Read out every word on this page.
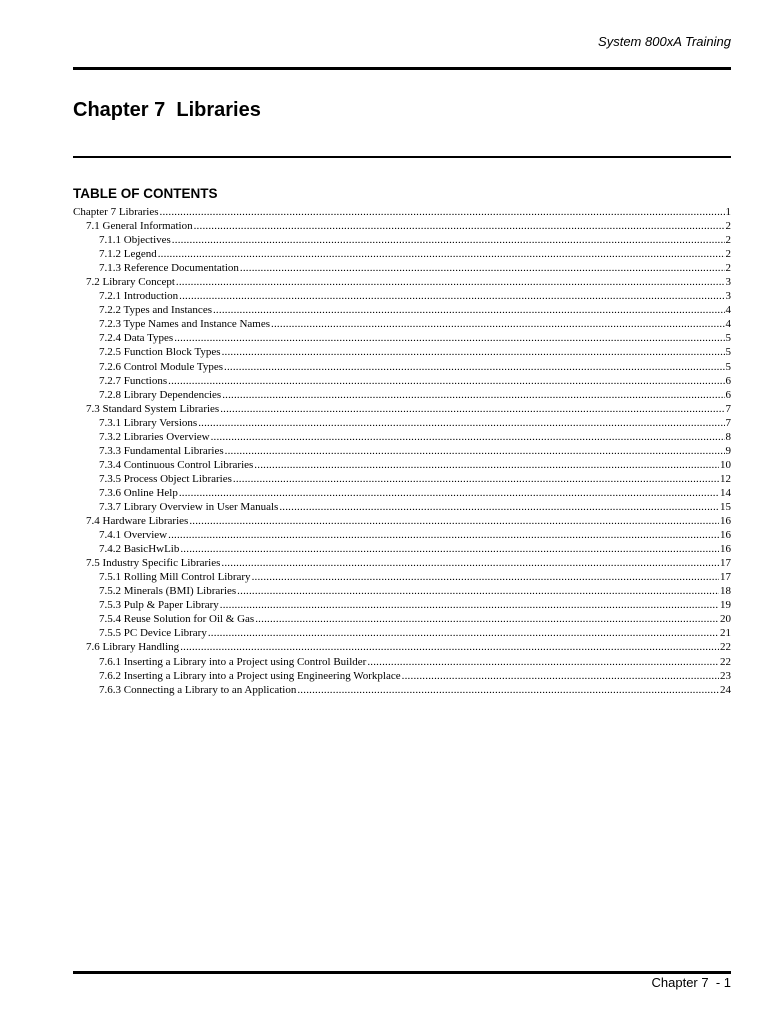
System 800xA Training
Chapter 7  Libraries
TABLE OF CONTENTS
Chapter 7 Libraries .....	1
7.1 General Information .....	2
7.1.1 Objectives .....	2
7.1.2 Legend .....	2
7.1.3 Reference Documentation .....	2
7.2 Library Concept .....	3
7.2.1 Introduction .....	3
7.2.2 Types and Instances .....	4
7.2.3 Type Names and Instance Names .....	4
7.2.4 Data Types .....	5
7.2.5 Function Block Types .....	5
7.2.6 Control Module Types .....	5
7.2.7 Functions .....	6
7.2.8 Library Dependencies .....	6
7.3 Standard System Libraries .....	7
7.3.1 Library Versions .....	7
7.3.2 Libraries Overview .....	8
7.3.3 Fundamental Libraries .....	9
7.3.4 Continuous Control Libraries .....	10
7.3.5 Process Object Libraries .....	12
7.3.6 Online Help .....	14
7.3.7 Library Overview in User Manuals .....	15
7.4 Hardware Libraries .....	16
7.4.1 Overview .....	16
7.4.2 BasicHwLib .....	16
7.5 Industry Specific Libraries .....	17
7.5.1 Rolling Mill Control Library .....	17
7.5.2 Minerals (BMI) Libraries .....	18
7.5.3 Pulp & Paper Library .....	19
7.5.4 Reuse Solution for Oil & Gas .....	20
7.5.5 PC Device Library .....	21
7.6 Library Handling .....	22
7.6.1 Inserting a Library into a Project using Control Builder .....	22
7.6.2 Inserting a Library into a Project using Engineering Workplace .....	23
7.6.3 Connecting a Library to an Application .....	24
Chapter 7  - 1
